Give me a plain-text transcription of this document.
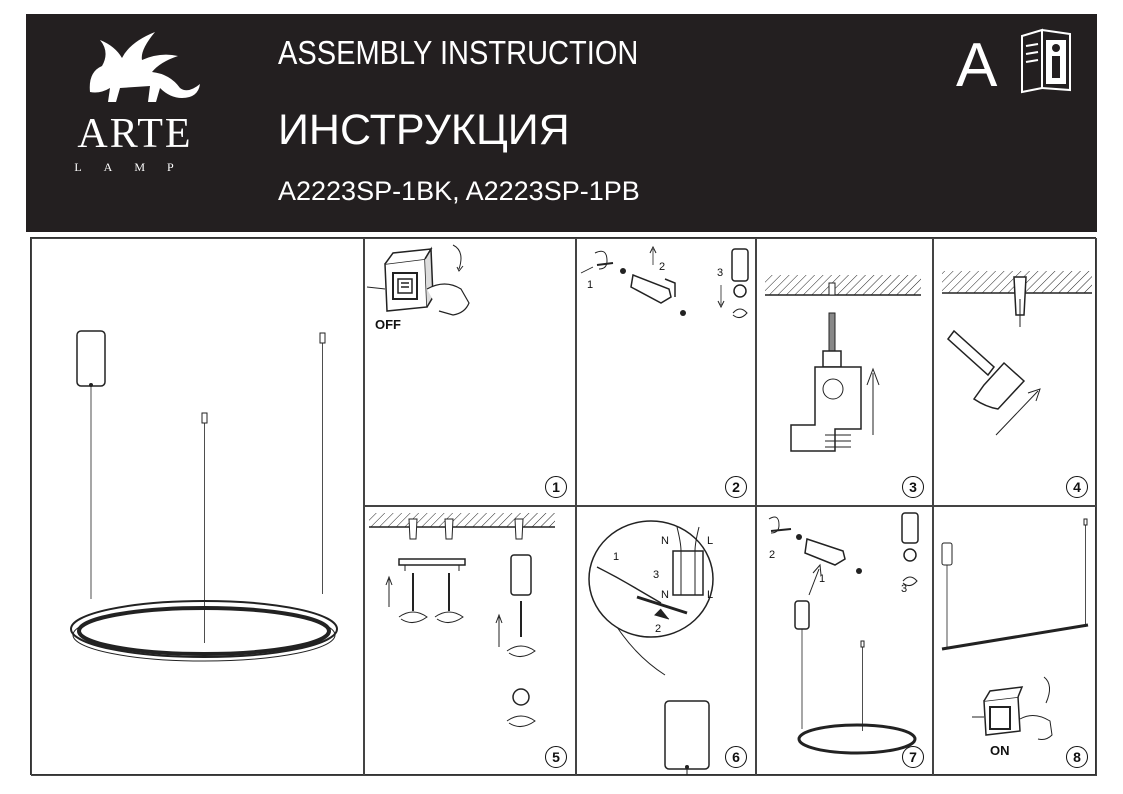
ARTE
LAMP
ASSEMBLY INSTRUCTION
ИНСТРУКЦИЯ
A2223SP-1BK, A2223SP-1PB
A
OFF
1
1
2	3
2	3	4
5
1
2
3
N	L
N	L
6
1
2
3
7	ON	8
